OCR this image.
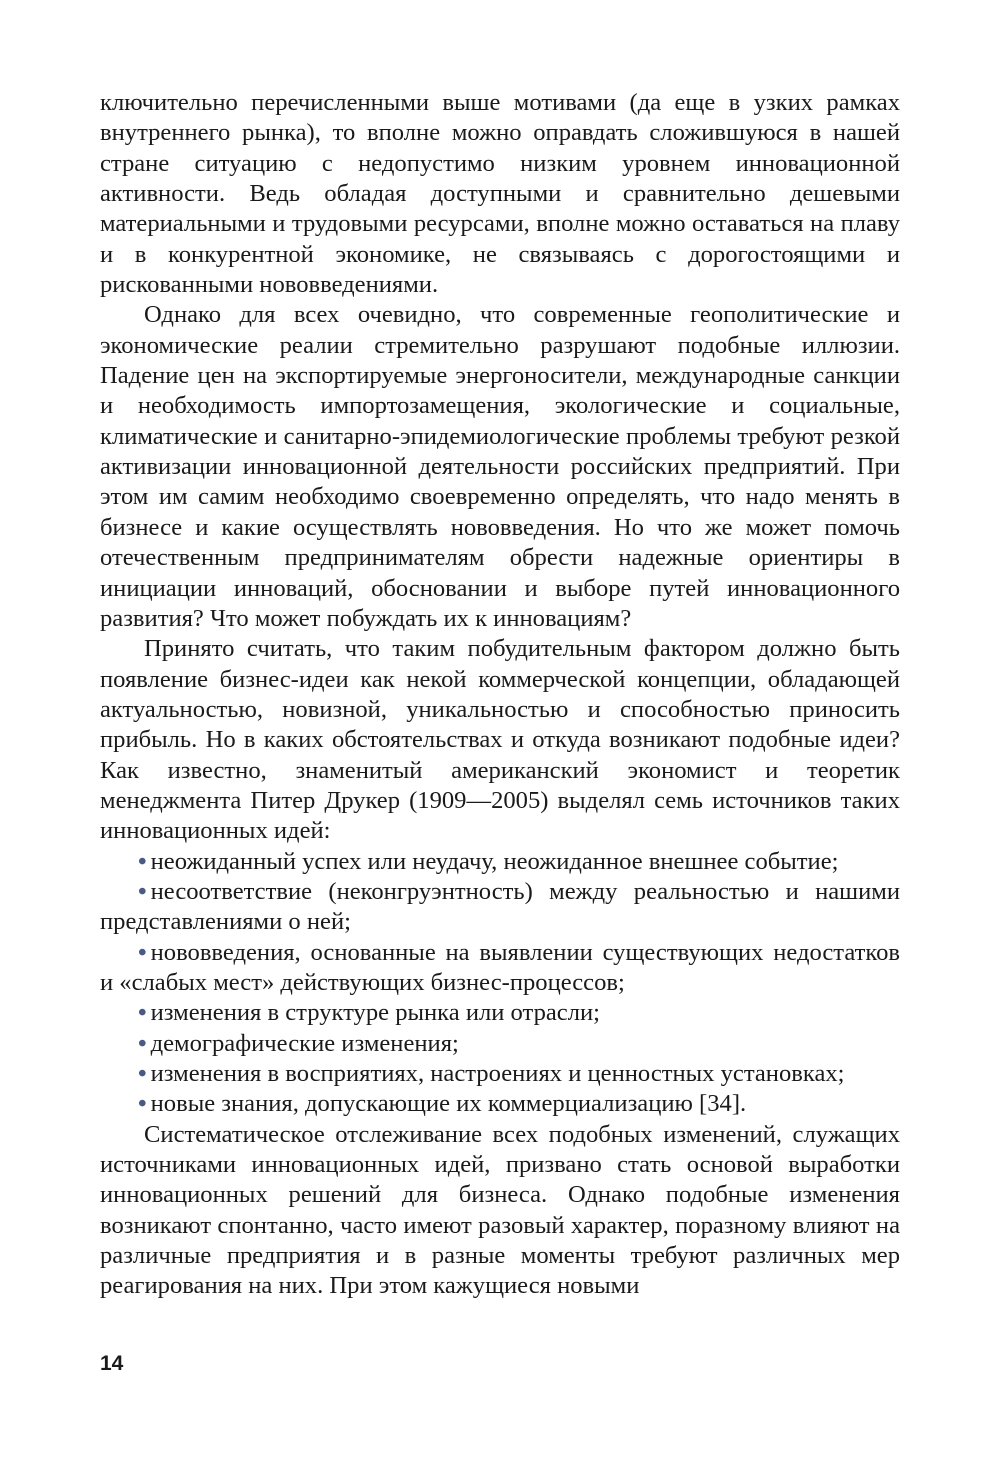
ключительно перечисленными выше мотивами (да еще в узких рамках внутреннего рынка), то вполне можно оправдать сложившуюся в нашей стране ситуацию с недопустимо низким уровнем инновационной активности. Ведь обладая доступными и сравнительно дешевыми материальными и трудовыми ресурсами, вполне можно оставаться на плаву и в конкурентной экономике, не связываясь с дорогостоящими и рискованными нововведениями.

Однако для всех очевидно, что современные геополитические и экономические реалии стремительно разрушают подобные иллюзии. Падение цен на экспортируемые энергоносители, международные санкции и необходимость импортозамещения, экологические и социальные, климатические и санитарно-эпидемиологические проблемы требуют резкой активизации инновационной деятельности российских предприятий. При этом им самим необходимо своевременно определять, что надо менять в бизнесе и какие осуществлять нововведения. Но что же может помочь отечественным предпринимателям обрести надежные ориентиры в инициации инноваций, обосновании и выборе путей инновационного развития? Что может побуждать их к инновациям?

Принято считать, что таким побудительным фактором должно быть появление бизнес-идеи как некой коммерческой концепции, обладающей актуальностью, новизной, уникальностью и способностью приносить прибыль. Но в каких обстоятельствах и откуда возникают подобные идеи? Как известно, знаменитый американский экономист и теоретик менеджмента Питер Друкер (1909—2005) выделял семь источников таких инновационных идей:

• неожиданный успех или неудачу, неожиданное внешнее событие;

• несоответствие (неконгруэнтность) между реальностью и нашими представлениями о ней;

• нововведения, основанные на выявлении существующих недостатков и «слабых мест» действующих бизнес-процессов;

• изменения в структуре рынка или отрасли;

• демографические изменения;

• изменения в восприятиях, настроениях и ценностных установках;

• новые знания, допускающие их коммерциализацию [34].

Систематическое отслеживание всех подобных изменений, служащих источниками инновационных идей, призвано стать основой выработки инновационных решений для бизнеса. Однако подобные изменения возникают спонтанно, часто имеют разовый характер, поразному влияют на различные предприятия и в разные моменты требуют различных мер реагирования на них. При этом кажущиеся новыми

14
